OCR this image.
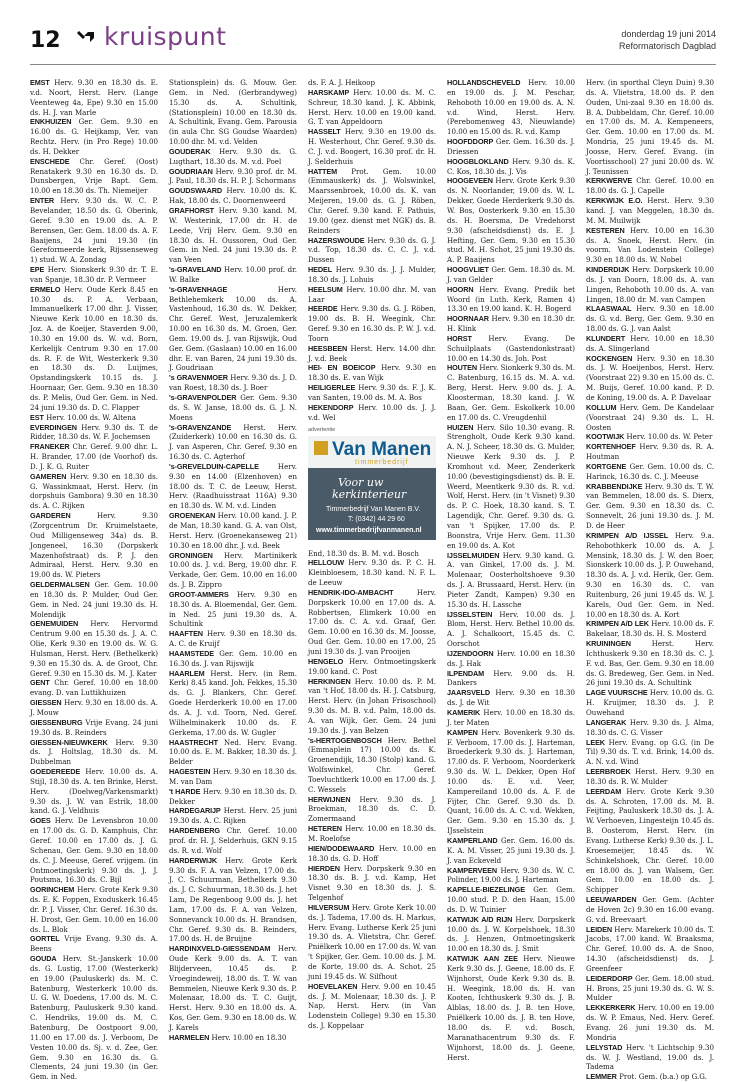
12 kruispunt	donderdag 19 juni 2014
Reformatorisch Dagblad

EMST Herv. 9.30 en 18.30 ds. E. v.d. Noort, Herst. Herv. (Lange Veenteweg 4a, Epe) 9.30 en 15.00 ds. H. J. van Marle

ENKHUIZEN Ger. Gem. 9.30 en 16.00 ds. G. Heijkamp, Ver. van Rechtz. Herv. (in Pro Rege) 10.00 ds. H. Dekker

ENSCHEDE Chr. Geref. (Oost) Renatakerk 9.30 en 16.30 ds. D. Dunsbergen, Vrije Bapt. Gem. 10.00 en 18.30 ds. Th. Niemeijer

ENTER Herv. 9.30 ds. W. C. P. Bevelander, 18.50 ds. G. Oberink, Geref. 9.30 en 19.00 ds. A. P. Berensen, Ger. Gem. 18.00 ds. A. F. Baaijens, 24 juni 19.30 (in Gereformeerde kerk, Rijssenseweg 1) stud. W. A. Zondag

EPE Herv. Sionskerk 9.30 dr. T. E. van Spanje, 18.30 dr. P. Vermeer

ERMELO Herv. Oude Kerk 8.45 en 10.30 ds. P. A. Verbaan, Immanuelkerk 17.00 dhr. J. Visser, Nieuwe Kerk 10.00 en 18.30 ds. Joz. A. de Koeijer, Staverden 9.00, 10.30 en 19.00 ds. W. v.d. Born, Kerkelijk Centrum 9.30 en 17.00 ds. R. F. de Wit, Westerkerk 9.30 en 18.30 ds. D. Luijmes, Opstandingskerk 10.15 ds. J. Hoornaar, Ger. Gem. 9.30 en 18.30 ds. P. Melis, Oud Ger. Gem. in Ned. 24 juni 19.30 ds. D. C. Flapper

EST Herv. 10.00 ds. W. Altena

EVERDINGEN Herv. 9.30 ds. T. de Ridder, 18.30 ds. W. F. Jochemsen

FRANEKER Chr. Geref. 9.00 dhr. L. H. Brander, 17.00 (de Voorhof) ds. D. J. K. G. Ruiter

GAMEREN Herv. 9.30 en 18.30 ds. G. Wassinkmaat, Herst. Herv. (in dorpshuis Gambora) 9.30 en 18.30 ds. A. C. Rijken

GARDEREN	Herv. 9.30 (Zorgcentrum Dr. Kruimelstaete, Oud Milligenseweg 34a) ds. B. Jongeneel, 16.30 (Dorpskerk Mazenhofstraat) ds. P. J. den Admiraal, Herst. Herv. 9.30 en 19.00 ds. W. Pieters

GELDERMALSEN Ger. Gem. 10.00 en 18.30 ds. P. Mulder, Oud Ger. Gem. in Ned. 24 juni 19.30 ds. H. Molendijk

GENEMUIDEN Herv. Hervormd Centrum 9.00 en 15.30 ds. J. A. C. Olie, Kerk 9.30 en 19.00 ds. W. G. Hulsman, Herst. Herv. (Bethelkerk) 9.30 en 15.30 ds. A. de Groot, Chr. Geref. 9.30 en 15.30 ds. M. J. Kater

GENT Chr. Geref. 10.00 en 18.00 evang. D. van Luttikhuizen

GIESSEN Herv. 9.30 en 18.00 ds. A. J. Mouw

GIESSENBURG Vrije Evang. 24 juni 19.30 ds. B. Reinders

GIESSEN-NIEUWKERK Herv. 9.30 ds. J. Holtslag, 18.30 ds. M. Dubbelman

GOEDEREEDE Herv. 10.00 ds. A. Stijl, 18.30 ds. A. ten Brinke, Herst. Herv. (Doelweg/Varkensmarkt) 9.30 ds. J. W. van Estrik, 18.00 kand. G. J. Veldhuis

GOES Herv. De Levensbron 10.00 en 17.00 ds. G. D. Kamphuis, Chr. Geref. 10.00 en 17.00 ds. J. G. Schenau, Ger. Gem. 9.30 en 18.00 ds. C. J. Meeuse, Geref. vrijgem. (in Ontmoetingskerk) 9.30 ds. J. J. Poutsma, 16.30 ds. C. Bijl

GORINCHEM Herv. Grote Kerk 9.30 ds. E. K. Foppen, Exoduskerk 16.45 dr. P. J. Visser, Chr. Geref. 16.30 ds. H. Drost, Ger. Gem. 10.00 en 16.00 ds. L. Blok

GORTEL Vrije Evang. 9.30 ds. A. Beens

GOUDA Herv. St.-Janskerk 10.00 ds. G. Lustig, 17.00 (Westerkerk) en 19.00 (Pauluskerk) ds. M. C. Batenburg, Westerkerk 10.00 ds. U. G. W. Doedens, 17.00 ds. M. C. Batenburg, Pauluskerk 9.30 kand. C. Hendriks, 19.00 ds. M. C. Batenburg, De Oostpoort 9.00, 11.00 en 17.00 ds. J. Verboom, De Vesten 10.00 ds. Sj. v. d. Zee, Ger. Gem. 9.30 en 16.30 ds. G. Clements, 24 juni 19.30 (in Ger. Gem. in Ned.

Stationsplein) ds. G. Mouw. Ger. Gem. in Ned. (Gerbrandyweg) 15.30 ds. A. Schultink, (Stationsplein) 10.00 en 18.30 ds. A. Schultink, Evang. Gem. Parousia (in aula Chr. SG Goudse Waarden) 10.00 dhr. M. v.d. Velden

GOUDERAK Herv. 9.30 ds. G. Lugthart, 18.30 ds. M. v.d. Poel

GOUDRIAAN Herv. 9.30 prof. dr. M. J. Paul, 18.30 ds. H. P. J. Schormans

GOUDSWAARD Herv. 10.00 ds. K. Hak, 18.00 ds. C. Doornenweerd

GRAFHORST Herv. 9.30 kand. M. W. Westerink, 17.00 dr. H. de Leede, Vrij Herv. Gem. 9.30 en 18.30 ds. H. Oussoren, Oud Ger. Gem. in Ned. 24 juni 19.30 ds. P. van Veen

's-GRAVELAND Herv. 10.00 prof. dr. W. Balke

's-GRAVENHAGE	Herv. Bethlehemkerk 10.00 ds. A. Vastenhoud, 16.30 ds. W. Dekker, Chr. Geref. West, Jeruzalemkerk 10.00 en 16.30 ds. M. Groen, Ger. Gem. 19.00 ds. J. van Rijswijk, Oud Ger. Gem. (Gaslaan) 10.00 en 16.00 dhr. E. van Baren, 24 juni 19.30 ds. J. Goudriaan

's GRAVENMOER Herv. 9.30 ds. J. D. van Roest, 18.30 ds. J. Boer

's-GRAVENPOLDER Ger. Gem. 9.30 ds. S. W. Janse, 18.00 ds. G. J. N. Moens

's-GRAVENZANDE Herst. Herv. (Zuiderkerk) 10.00 en 16.30 ds. G. J. van Asperen, Chr. Geref. 9.30 en 16.30 ds. C. Agterhof

's-GREVELDUIN-CAPELLE	Herv. 9.30 en 14.00 (Elzenhoven) en 18.00 ds. T. C. de Leeuw, Herst. Herv. (Raadhuisstraat 116A) 9.30 en 18.30 ds. W. M. v.d. Linden

GROENEKAN Herv. 10.00 kand. J. P. de Man, 18.30 kand. G. A. van Olst, Herst. Herv. (Groenekanseweg 21) 10.30 en 18.00 dhr. J. v.d. Beek

GRONINGEN Herv. Martinikerk 10.00 ds. J. v.d. Berg, 19.00 dhr. F. Verkade, Ger. Gem. 10.00 en 16.00 ds. J. B. Zippro

GROOT-AMMERS Herv. 9.30 en 18.30 ds. A. Bloemendal, Ger. Gem. in Ned. 25 juni 19.30 ds. A. Schultink

HAAFTEN Herv. 9.30 en 18.30 ds. A. C. de Kruijf

HAAMSTEDE Ger. Gem. 10.00 en 16.30 ds. J. van Rijswijk

HAARLEM Herst. Herv. (in Rem. Kerk) 8.45 kand. Joh. Fekkes, 15.30 ds. G. J. Blankers, Chr. Geref. Goede Herderkerk 10.00 en 17.00 ds. A. J. v.d. Toorn, Ned. Geref. Wilhelminakerk 10.00 ds. F. Gerkema, 17.00 ds. W. Gugler

HAASTRECHT Ned. Herv. Evang. 10.00 ds. E. M. Bakker, 18.30 ds. J. Belder

HAGESTEIN Herv. 9.30 en 18.30 ds. M. van Dam

't HARDE Herv. 9.30 en 18.30 ds. D. Dekker

HARDEGARIJP Herst. Herv. 25 juni 19.30 ds. A. C. Rijken

HARDENBERG Chr. Geref. 10.00 prof. dr. H. J. Selderhuis, GKN 9.15 ds. R. v.d. Wolf

HARDERWIJK Herv. Grote Kerk 9.30 ds. F. A. van Velzen, 17.00 ds. J. C. Schuurman, Bethelkerk 9.30 ds. J. C. Schuurman, 18.30 ds. J. het Lam, De Regenboog 9.00 ds. J. het Lam, 17.00 ds. F. A. van Velzen, Sonnevanck 10.00 ds. H. Brandsen, Chr. Geref. 9.30 ds. B. Reinders, 17.00 ds. H. de Bruijne

HARDINXVELD-GIESSENDAM Herv. Oude Kerk 9.00 ds. A. T. van Blijderveen, 10.45 ds. P. Vroegindeweij, 18.00 ds. T. W. van Bemmelen, Nieuwe Kerk 9.30 ds. P. Molenaar, 18.00 ds. T. C. Guijt, Herst. Herv. 9.30 en 18.00 ds. A. Kos, Ger. Gem. 9.30 en 18.00 ds. W. J. Karels

HARMELEN Herv. 10.00 en 18.30

ds. F. A. J. Heikoop

HARSKAMP Herv. 10.00 ds. M. C. Schreur, 18.30 kand. J. K. Abbink, Herst. Herv. 10.00 en 19.00 kand. G. T. van Appeldoorn

HASSELT Herv. 9.30 en 19.00 ds. H. Westerhout, Chr. Geref. 9.30 ds. C. J. v.d. Boogert, 16.30 prof. dr. H. J. Selderhuis

HATTEM Prot. Gem. 10.00 (Emmauskerk) ds. J. Wolswinkel, Maarssenbroek, 10.00 ds. K. van Meijeren, 19.00 ds. G. J. Röben, Chr. Geref. 9.30 kand. F. Pathuis, 19.00 (gez. dienst met NGK) ds. B. Reinders

HAZERSWOUDE Herv. 9.30 ds. G. J. v.d. Top, 18.30 ds. C. C. J. v.d. Dussen

HEDEL Herv. 9.30 ds. J. J. Mulder, 18.30 ds. J. Lohuis

HEELSUM Herv. 10.00 dhr. M. van Laar

HEERDE Herv. 9.30 ds. G. J. Röben, 19.00 ds. B. H. Weegink, Chr. Geref. 9.30 en 16.30 ds. P. W. J. v.d. Toorn

HEESBEEN Herst. Herv. 14.00 dhr. J. v.d. Beek

HEI- EN BOEICOP Herv. 9.30 en 18.30 ds. E. van Wijk

HEILIGERLEE Herv. 9.30 ds. F. J. K. van Santen, 19.00 ds. M. A. Bos

HEKENDORP Herv. 10.00 ds. J. J. v.d. Wel

advertentie
Van Manen
timmerbedrijf
Voor uw
kerkinterieur
Timmerbedrijf Van Manen B.V.
T: (0342) 44 29 60
www.timmerbedrijfvanmanen.nl

End, 18.30 ds. B. M. v.d. Bosch

HELLOUW Herv. 9.30 ds. P. C. H. Kleinbloesem, 18.30 kand. N. F. L. de Leeuw

HENDRIK-IDO-AMBACHT	Herv. Dorpskerk 10.00 en 17.00 ds. A. Robbertsen, Elimkerk 10.00 en 17.00 ds. C. A. v.d. Graaf, Ger. Gem. 10.00 en 16.30 ds. M. Joosse, Oud Ger. Gem. 10.00 en 17.00, 25 juni 19.30 ds. J. van Prooijen

HENGELO Herv. Ontmoetingskerk 19.00 kand. C. Post

HERKINGEN Herv. 10.00 ds. P. M. van 't Hof, 18.00 ds. H. J. Catsburg, Herst. Herv. (in Johan Frisoschool) 9.30 ds. M. B. v.d. Palm, 18.00 ds. A. van Wijk, Ger. Gem. 24 juni 19.30 ds. J. van Belzen

's-HERTOGENBOSCH Herv. Bethel (Emmaplein 17) 10.00 ds. K. Groenendijk, 18.30 (Stolp) kand. G. Wolfswinkel, Chr. Geref. Toevluchtkerk 10.00 en 17.00 ds. J. C. Wessels

HERWIJNEN Herv. 9.30 ds. J. Broekman, 18.30 ds. C. D. Zomermaand

HETEREN Herv. 10.00 en 18.30 ds. M. Roelofse

HIEN/DODEWAARD Herv. 10.00 en 18.30 ds. G. D. Hoff

HIERDEN Herv. Dorpskerk 9.30 en 18.30 ds. B. J. v.d. Kamp, Het Visnet 9.30 en 18.30 ds. J. S. Telgenhof

HILVERSUM Herv. Grote Kerk 10.00 ds. J. Tadema, 17.00 ds. H. Markus, Herv. Evang. Lutherse Kerk 25 juni 19.30 ds. A. Vlietstra, Chr. Geref. Pniëlkerk 10.00 en 17.00 ds. W. van 't Spijker, Ger. Gem. 10.00 ds. J. M. de Korte, 19.00 ds. A. Schot, 25 juni 19.45 ds. W. Silfhout

HOEVELAKEN Herv. 9.00 en 10.45 ds. J. M. Molenaar, 18.30 ds. J. P. Nap, Herst. Herv. (in Van Lodenstein College) 9.30 en 15.30 ds. J. Koppelaar

HOLLANDSCHEVELD Herv. 10.00 en 19.00 ds. J. M. Peschar, Rehoboth 10.00 en 19.00 ds. A. N. v.d. Wind, Herst. Herv. (Perebomenweg 43, Nieuwlande) 10.00 en 15.00 ds. R. v.d. Kamp

HOOFDDORP Ger. Gem. 16.30 ds. J. Driessen

HOOGBLOKLAND Herv. 9.30 ds. K. C. Kos, 18.30 ds. J. Vis

HOOGEVEEN Herv. Grote Kerk 9.30 ds. N. Noorlander, 19.00 ds. W. L. Dekker, Goede Herderkerk 9.30 ds. W. Bos, Oosterkerk 9.30 en 15.30 ds. H. Boersma, De Vredehorst 9.30 (afscheidsdienst) ds. E. J. Hefting, Ger. Gem. 9.30 en 15.30 stud. M. H. Schot, 25 juni 19.30 ds. A. P. Baaijens

HOOGVLIET Ger. Gem. 18.30 ds. M. J. van Gelder

HOORN Herv. Evang. Predik het Woord (in Luth. Kerk, Ramen 4) 13.30 en 19.00 kand. K. H. Bogerd

HOORNAAR Herv. 9.30 en 18.30 dr. H. Klink

HORST Herv. Evang. De Schuilplaats (Gastendonkstraat) 10.00 en 14.30 ds. Joh. Post

HOUTEN Herv. Sionkerk 9.30 ds. M. C. Batenburg, 16.15 ds. M. A. v.d. Berg, Herst. Herv. 9.00 ds. J. A. Kloosterman, 18.30 kand. J. W. Baan, Ger. Gem. Eskolkerk 10.00 en 17.00 ds. C. Vreugdenhil

HUIZEN Herv. Silo 10.30 evang. R. Strengholt, Oude Kerk 9.30 kand. A. N. J. Scheer, 18.30 ds. G. Mulder, Nieuwe Kerk 9.30 ds. J. P. Kromhout v.d. Meer, Zenderkerk 10.00 (bevestigingsdienst) ds. B. E. Weerd, Meentkerk 9.30 ds. R. v.d. Wolf, Herst. Herv. (in 't Visnet) 9.30 ds. P. C. Hoek, 18.30 kand. S. T. Lagendijk, Chr. Geref. 9.30 ds. G. van 't Spijker, 17.00 ds. P. Boonstra, Vrije Herv. Gem. 11.30 en 19.00 ds. A. Kot

IJSSELMUIDEN Herv. 9.30 kand. G. A. van Ginkel, 17.00 ds. J. M. Molenaar, Oosterholtshoeve 9.30 ds. J. A. Brussaard, Herst. Herv. (in Pieter Zandt, Kampen) 9.30 en 15.30 ds. H. Lassche

IJSSELSTEIN Herv. 10.00 ds. J. Blom, Herst. Herv. Bethel 10.00 ds. A. J. Schalkoort, 15.45 ds. C. Oorschot

IJZENDOORN Herv. 10.00 en 18.30 ds. J. Hak

ILPENDAM Herv. 9.00 ds. H. Dankers

JAARSVELD Herv. 9.30 en 18.30 ds. J. de Wit

KAMERIK Herv. 10.00 en 18.30 ds. J. ter Maten

KAMPEN Herv. Bovenkerk 9.30 ds. F. Verboom, 17.00 ds. J. Harteman, Broederkerk 9.30 ds. J. Harteman, 17.00 ds. F. Verboom, Noorderkerk 9.30 ds. W. L. Dekker, Open Hof 10.00 ds. E. v.d. Veer, Kampereiland 10.00 ds. A. F. de Fijter, Chr. Geref. 9.30 ds. D. Quant, 16.00 ds. A. C. v.d. Wekken, Ger. Gem. 9.30 en 15.30 ds. J. IJsselstein

KAMPERLAND Ger. Gem. 16.00 ds. K. A. M. Visser, 25 juni 19.30 ds. J. J. van Eckeveld

KAMPERVEEN Herv. 9.30 ds. W. C. Polinder, 19.00 ds. J. Harteman

KAPELLE-BIEZELINGE Ger. Gem. 10.00 stud. P. D. den Haan, 15.00 ds. D. W. Tuinier

KATWIJK A/D RIJN Herv. Dorpskerk 10.00 ds. J. W. Korpelshoek, 18.30 ds. J. Henzen, Ontmoetingskerk 10.00 en 18.30 ds. J. Smit

KATWIJK AAN ZEE Herv. Nieuwe Kerk 9.30 ds. J. Geene, 18.00 ds. F. Wijnhorst, Oude Kerk 9.30 ds. B. H. Weegink, 18.00 ds. H. van Kooten, Ichthuskerk 9.30 ds. J. B. Alblas, 18.00 ds. J. B. ten Hove, Pniëlkerk 10.00 ds. J. B. ten Hove, 18.00 ds. F. v.d. Bosch, Maranathacentrum 9.30 ds. F. Wijnhorst, 18.00 ds. J. Geene, Herst.

Herv. (in sporthal Cleyn Duin) 9.30 ds. A. Vlietstra, 18.00 ds. P. den Ouden, Uni-zaal 9.30 en 18.00 ds. B. A. Dubbeldam, Chr. Geref. 10.00 en 17.00 ds. M. A. Kempeneers, Ger. Gem. 10.00 en 17.00 ds. M. Mondria, 25 juni 19.45 ds. M. Joosse, Herv. Geref. Evang. (in Voortisschool) 27 juni 20.00 ds. W. J. Teunissen

KERKWERVE Chr. Geref. 10.00 en 18.00 ds. G. J. Capelle

KERKWIJK E.O. Herst. Herv. 9.30 kand. J. van Meggelen, 18.30 ds. M. M. Muilwijk

KESTEREN Herv. 10.00 en 16.30 ds. A. Snoek, Herst. Herv. (in voorm. Van Lodenstein College) 9.30 en 18.00 ds. W. Nobel

KINDERDIJK Herv. Dorpskerk 10.00 ds. J. van Doorn, 18.00 ds. A. van Lingen, Rehoboth 10.00 ds. A. van Lingen, 18.00 dr. M. van Campen

KLAASWAAL Herv. 9.30 en 18.00 ds. G. v.d. Berg, Ger. Gem. 9.30 en 18.00 ds. G. J. van Aalst

KLUNDERT Herv. 10.00 en 18.30 ds. A. Slingerland

KOCKENGEN Herv. 9.30 en 18.30 ds. J. W. Hoeijenbos, Herst. Herv. (Voorstraat 22) 9.30 en 15.00 ds. C. M. Buijs, Geref. 10.00 kand. P. D. de Koning, 19.00 ds. A. P. Davelaar

KOLLUM Herv. Gem. De Kandelaar (Voorstraat 24) 9.30 ds. L. H. Oosten

KOOTWIJK Herv. 10.00 ds. W. Peter

KORTENHOEF Herv. 9.30 ds. R. A. Houtman

KORTGENE Ger. Gem. 10.00 ds. C. Harinck, 16.30 ds. C. J. Meeuse

KRABBENDIJKE Herv. 9.30 ds. T. W. van Bemmelen, 18.00 ds. S. Dierx, Ger. Gem. 9.30 en 18.30 ds. C. Sonnevelt, 26 juni 19.30 ds. J. M. D. de Heer

KRIMPEN A/D IJSSEL Herv. 9.a. Rehobothkerk 10.00 ds. A. J. Mensink, 18.30 ds. J. W. den Boer, Sionskerk 10.00 ds. J. P. Ouwehand, 18.30 ds. A. J. v.d. Herik, Ger. Gem. 9.30 en 16.30 ds. C. van Ruitenburg, 26 juni 19.45 ds. W. J. Karels, Oud Ger. Gem. in Ned. 10.00 en 18.30 ds. A. Kort

KRIMPEN A/D LEK Herv. 10.00 ds. F. Bakelaar, 18.30 ds. H. S. Mosterd

KRUININGEN	Herst. Herv. Ichthuskerk 9.30 en 18.30 ds. C. J. F. v.d. Bas, Ger. Gem. 9.30 en 18.00 ds. G. Bredeweg, Ger. Gem. in Ned. 26 juni 19.30 ds. A. Schultink

LAGE VUURSCHE Herv. 10.00 ds. G. H. Kruijmer, 18.30 ds. J. P. Ouwehand

LANGERAK Herv. 9.30 ds. J. Alma, 18.30 ds. C. G. Visser

LEEK Herv. Evang. op G.G. (in De Til) 9.30 ds. T. v.d. Brink, 14.00 ds. A. N. v.d. Wind

LEERBROEK Herst. Herv. 9.30 en 18.30 ds. R. W. Mulder

LEERDAM Herv. Grote Kerk 9.30 ds. A. Schroten, 17.00 ds. M. B. Feijting, Pauluskerk 18.30 ds. J. A. W. Verhoeven, Lingesteijn 10.45 ds. B. Oosterom, Herst. Herv. (in Evang. Lutherse Kerk) 9.30 ds. J. L. Kroesemeijer, 18.45 ds. W. Schinkelshoek, Chr. Geref. 10.00 en 18.00 ds. J. van Walsem, Ger. Gem. 10.00 en 18.00 ds. J. Schipper

LEEUWARDEN Ger. Gem. (Achter de Hoven 2c) 9.30 en 16.00 evang. G. v.d. Breevaart

LEIDEN Herv. Marekerk 10.00 ds. T. Jacobs, 17.00 kand. W. Braaksma, Chr. Geref. 10.00 ds. A. de Snoo, 14.30 (afscheidsdienst) ds. J. Greenfeer

LEIDERDORP Ger. Gem. 18.00 stud. H. Brons, 25 juni 19.30 ds. G. W. S. Mulder

LEKKERKERK Herv. 10.00 en 19.00 ds. W. P. Emaus, Ned. Herv. Geref. Evang. 26 juni 19.30 ds. M. Mondria

LELYSTAD Herv. 't Lichtschip 9.30 ds. W. J. Westland, 19.00 ds. J. Tadema

LEMMER Prot. Gem. (b.a.) op G.G.
